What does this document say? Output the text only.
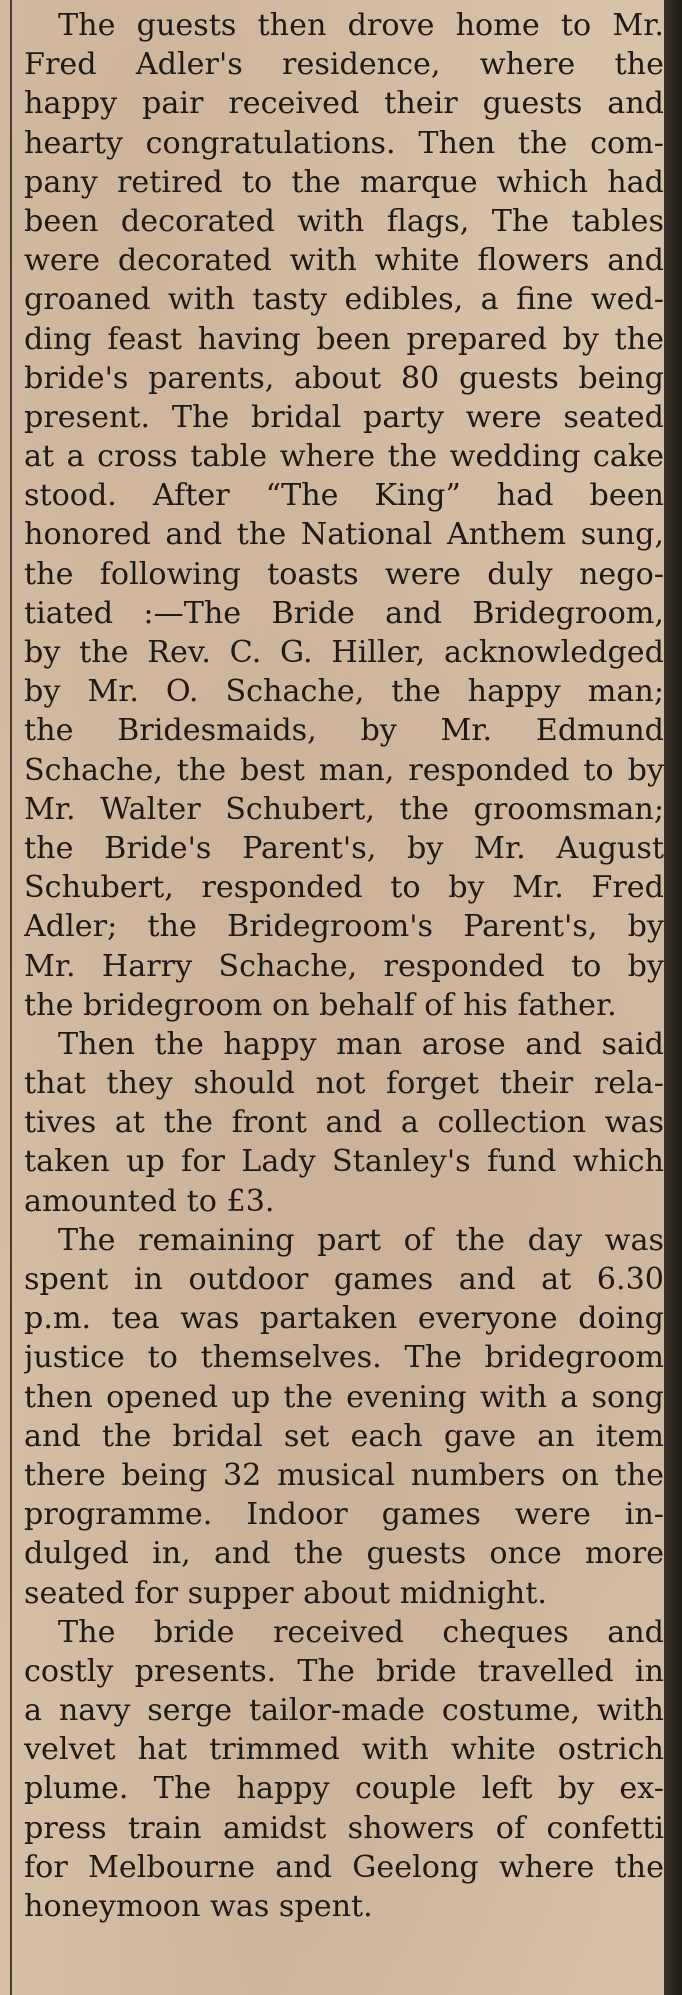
The guests then drove home to Mr.
Fred Adler's residence, where the
happy pair received their guests and
hearty congratulations. Then the com-
pany retired to the marque which had
been decorated with flags, The tables
were decorated with white flowers and
groaned with tasty edibles, a fine wed-
ding feast having been prepared by the
bride's parents, about 80 guests being
present. The bridal party were seated
at a cross table where the wedding cake
stood. After “The King” had been
honored and the National Anthem sung,
the following toasts were duly nego-
tiated :—The Bride and Bridegroom,
by the Rev. C. G. Hiller, acknowledged
by Mr. O. Schache, the happy man;
the Bridesmaids, by Mr. Edmund
Schache, the best man, responded to by
Mr. Walter Schubert, the groomsman;
the Bride's Parent's, by Mr. August
Schubert, responded to by Mr. Fred
Adler; the Bridegroom's Parent's, by
Mr. Harry Schache, responded to by
the bridegroom on behalf of his father.
Then the happy man arose and said
that they should not forget their rela-
tives at the front and a collection was
taken up for Lady Stanley's fund which
amounted to £3.
The remaining part of the day was
spent in outdoor games and at 6.30
p.m. tea was partaken everyone doing
justice to themselves. The bridegroom
then opened up the evening with a song
and the bridal set each gave an item
there being 32 musical numbers on the
programme. Indoor games were in-
dulged in, and the guests once more
seated for supper about midnight.
The bride received cheques and
costly presents. The bride travelled in
a navy serge tailor-made costume, with
velvet hat trimmed with white ostrich
plume. The happy couple left by ex-
press train amidst showers of confetti
for Melbourne and Geelong where the
honeymoon was spent.
